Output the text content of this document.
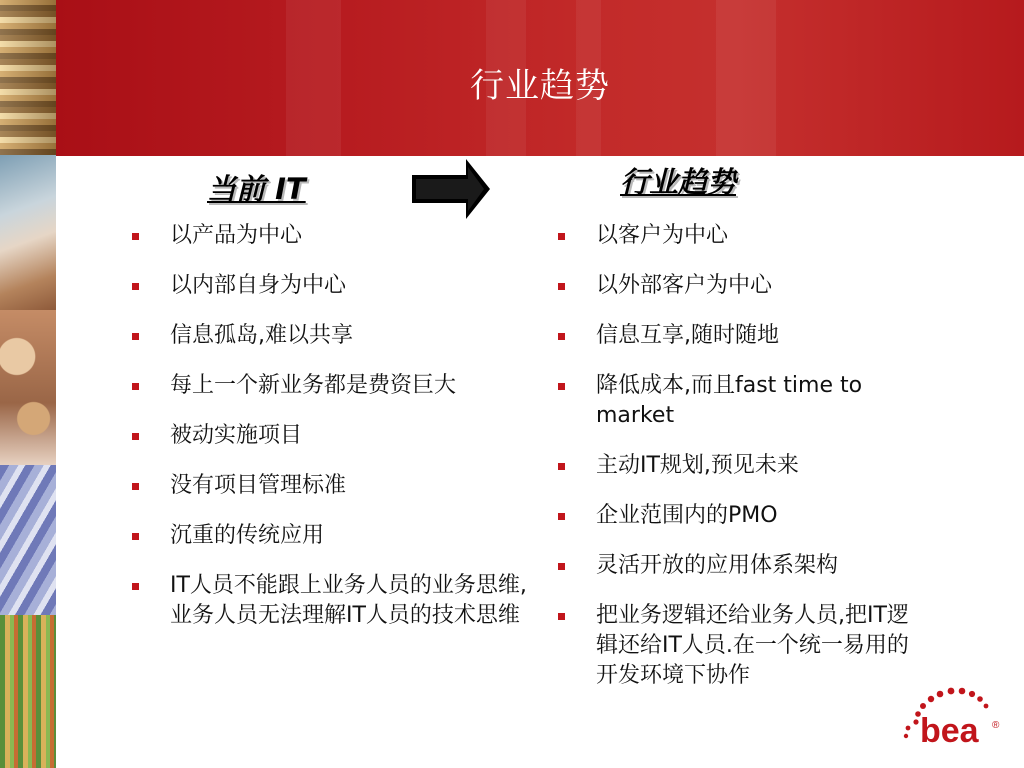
行业趋势
当前 IT	行业趋势
以产品为中心
以内部自身为中心
信息孤岛,难以共享
每上一个新业务都是费资巨大
被动实施项目
没有项目管理标准
沉重的传统应用
IT人员不能跟上业务人员的业务思维,业务人员无法理解IT人员的技术思维
以客户为中心
以外部客户为中心
信息互享,随时随地
降低成本,而且fast time to market
主动IT规划,预见未来
企业范围内的PMO
灵活开放的应用体系架构
把业务逻辑还给业务人员,把IT逻辑还给IT人员.在一个统一易用的开发环境下协作
bea ®
